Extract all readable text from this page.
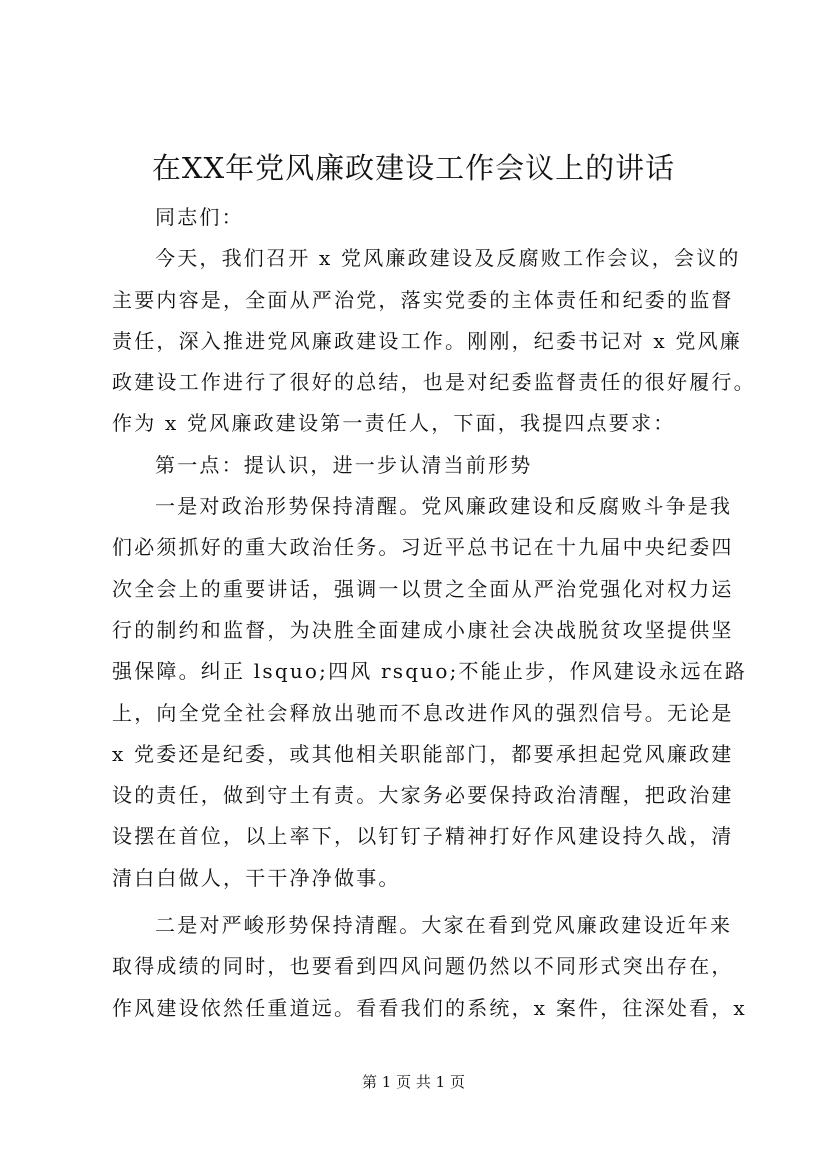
在XX年党风廉政建设工作会议上的讲话
同志们：
今天，我们召开 x 党风廉政建设及反腐败工作会议，会议的
主要内容是，全面从严治党，落实党委的主体责任和纪委的监督
责任，深入推进党风廉政建设工作。刚刚，纪委书记对 x 党风廉
政建设工作进行了很好的总结，也是对纪委监督责任的很好履行。
作为 x 党风廉政建设第一责任人，下面，我提四点要求：
第一点：提认识，进一步认清当前形势
一是对政治形势保持清醒。党风廉政建设和反腐败斗争是我
们必须抓好的重大政治任务。习近平总书记在十九届中央纪委四
次全会上的重要讲话，强调一以贯之全面从严治党强化对权力运
行的制约和监督，为决胜全面建成小康社会决战脱贫攻坚提供坚
强保障。纠正 lsquo;四风 rsquo;不能止步，作风建设永远在路
上，向全党全社会释放出驰而不息改进作风的强烈信号。无论是
x 党委还是纪委，或其他相关职能部门，都要承担起党风廉政建
设的责任，做到守土有责。大家务必要保持政治清醒，把政治建
设摆在首位，以上率下，以钉钉子精神打好作风建设持久战，清
清白白做人，干干净净做事。
二是对严峻形势保持清醒。大家在看到党风廉政建设近年来
取得成绩的同时，也要看到四风问题仍然以不同形式突出存在，
作风建设依然任重道远。看看我们的系统，x 案件，往深处看，x
第 1 页 共 1 页
